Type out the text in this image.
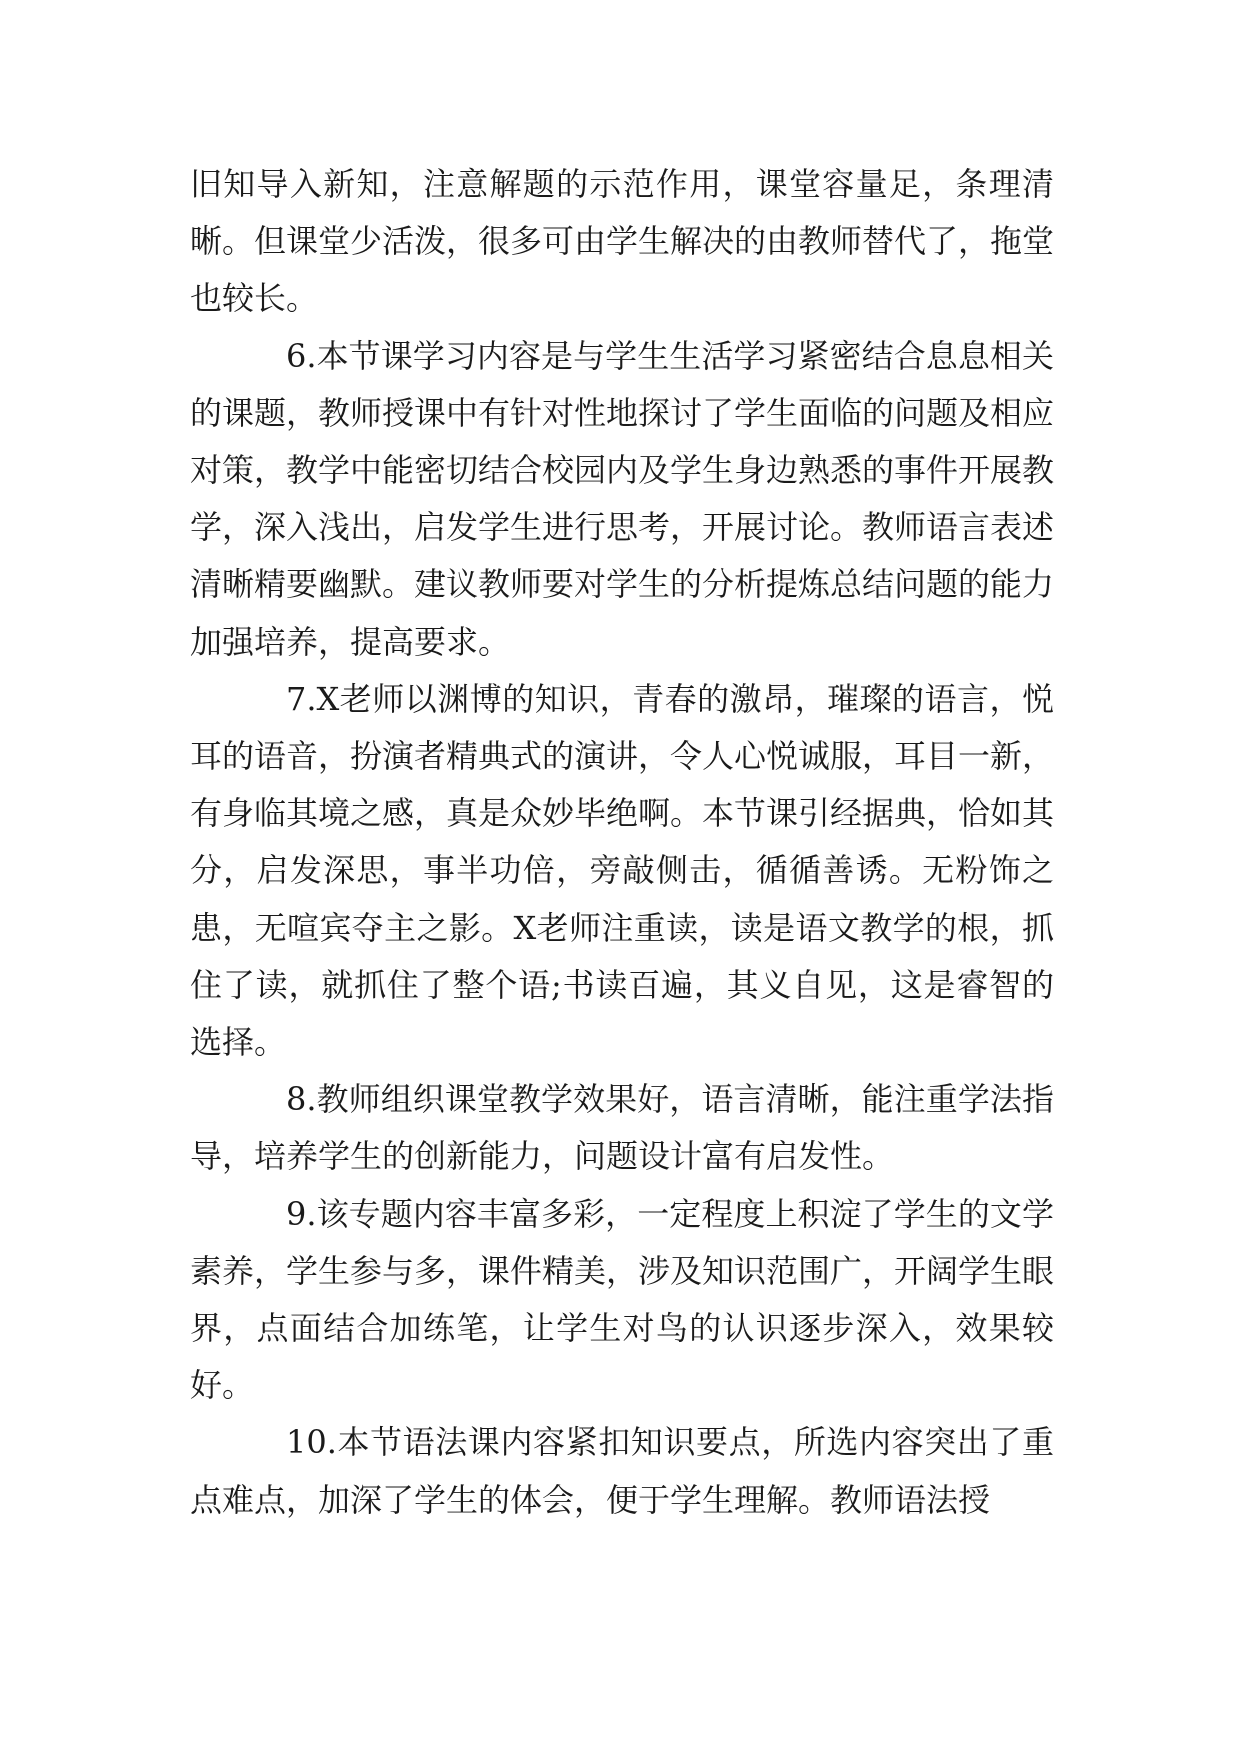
旧知导入新知，注意解题的示范作用，课堂容量足，条理清晰。但课堂少活泼，很多可由学生解决的由教师替代了，拖堂也较长。

6.本节课学习内容是与学生生活学习紧密结合息息相关的课题，教师授课中有针对性地探讨了学生面临的问题及相应对策，教学中能密切结合校园内及学生身边熟悉的事件开展教学，深入浅出，启发学生进行思考，开展讨论。教师语言表述清晰精要幽默。建议教师要对学生的分析提炼总结问题的能力加强培养，提高要求。

7.X老师以渊博的知识，青春的激昂，璀璨的语言，悦耳的语音，扮演者精典式的演讲，令人心悦诚服，耳目一新，有身临其境之感，真是众妙毕绝啊。本节课引经据典，恰如其分，启发深思，事半功倍，旁敲侧击，循循善诱。无粉饰之患，无喧宾夺主之影。X老师注重读，读是语文教学的根，抓住了读，就抓住了整个语;书读百遍，其义自见，这是睿智的选择。

8.教师组织课堂教学效果好，语言清晰，能注重学法指导，培养学生的创新能力，问题设计富有启发性。

9.该专题内容丰富多彩，一定程度上积淀了学生的文学素养，学生参与多，课件精美，涉及知识范围广，开阔学生眼界，点面结合加练笔，让学生对鸟的认识逐步深入，效果较好。

10.本节语法课内容紧扣知识要点，所选内容突出了重点难点，加深了学生的体会，便于学生理解。教师语法授
